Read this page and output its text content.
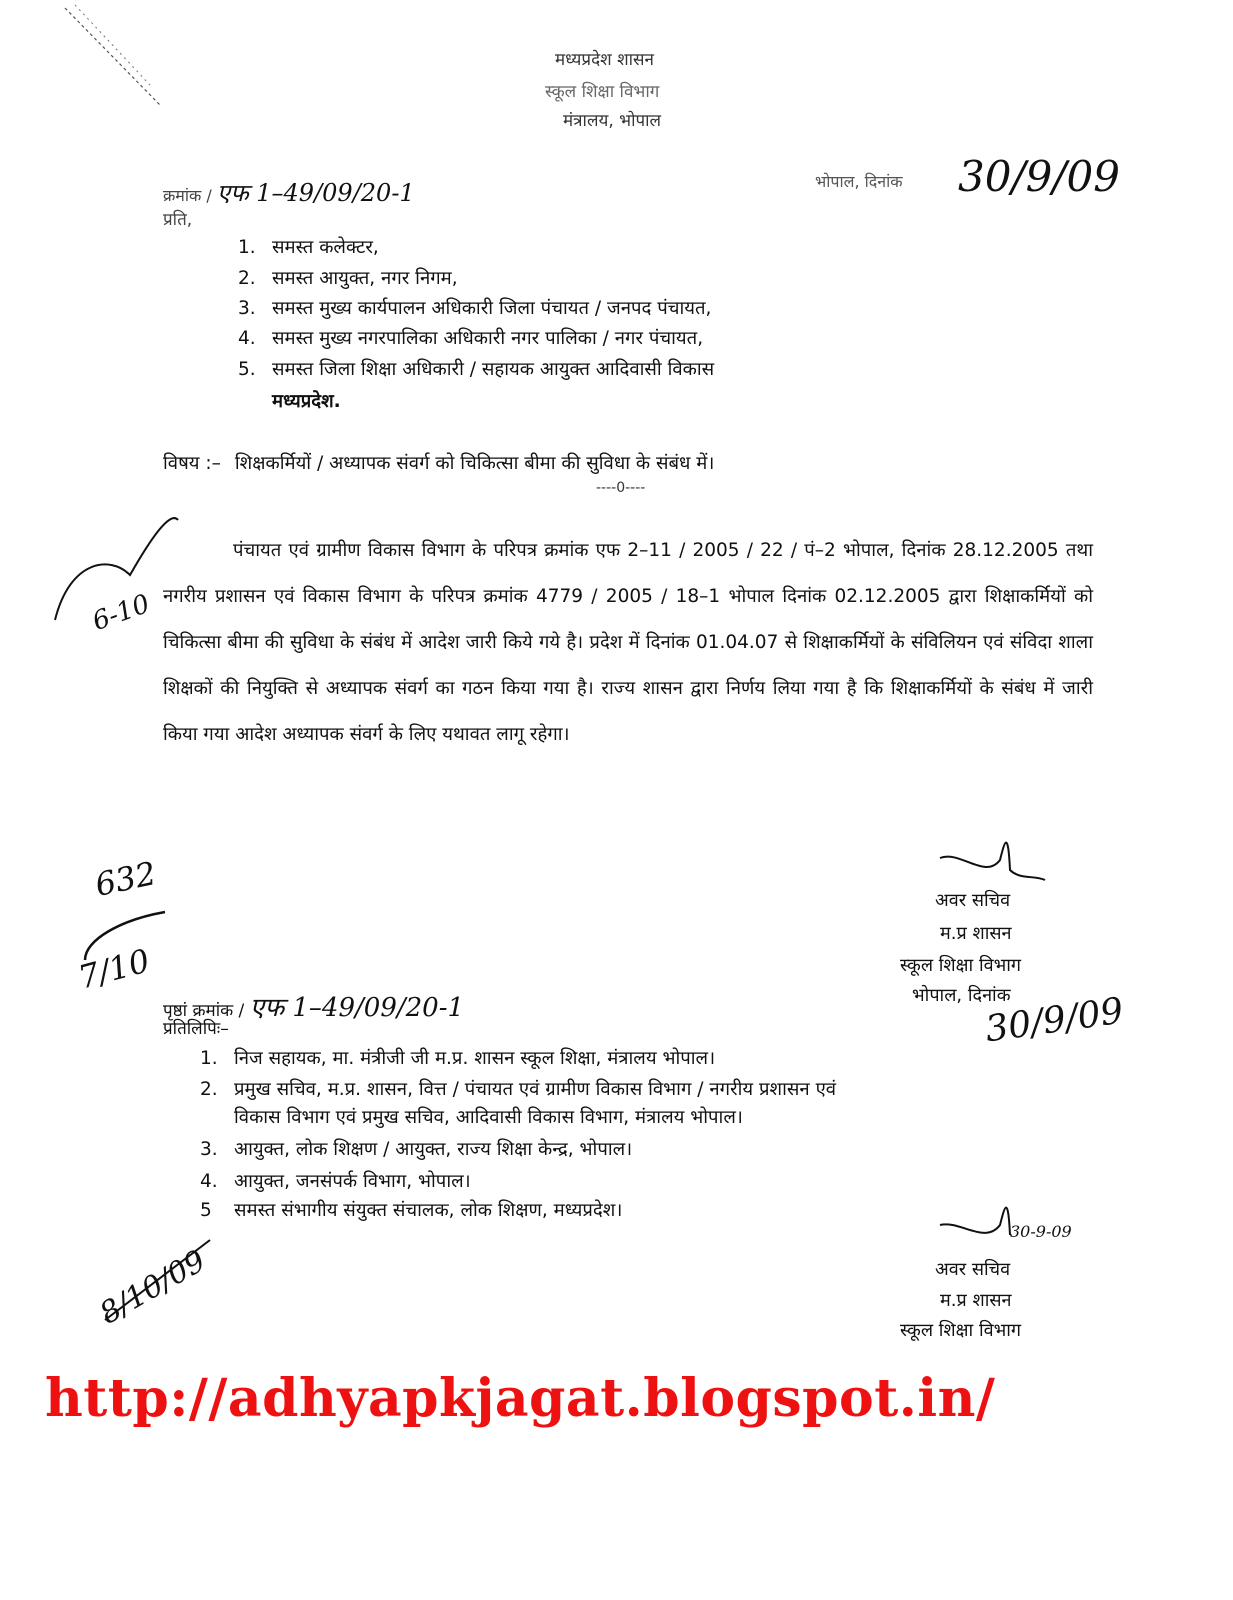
मध्यप्रदेश शासन
स्कूल शिक्षा विभाग
मंत्रालय, भोपाल
क्रमांक / एफ 1–49/09/20-1	भोपाल, दिनांक 30/9/09
प्रति,
1. समस्त कलेक्टर,
2. समस्त आयुक्त, नगर निगम,
3. समस्त मुख्य कार्यपालन अधिकारी जिला पंचायत / जनपद पंचायत,
4. समस्त मुख्य नगरपालिका अधिकारी नगर पालिका / नगर पंचायत,
5. समस्त जिला शिक्षा अधिकारी / सहायक आयुक्त आदिवासी विकास
मध्यप्रदेश.
विषय :– शिक्षकर्मियों / अध्यापक संवर्ग को चिकित्सा बीमा की सुविधा के संबंध में।
----0----
पंचायत एवं ग्रामीण विकास विभाग के परिपत्र क्रमांक एफ 2–11 / 2005 / 22 / पं–2 भोपाल, दिनांक 28.12.2005 तथा नगरीय प्रशासन एवं विकास विभाग के परिपत्र क्रमांक 4779 / 2005 / 18–1 भोपाल दिनांक 02.12.2005 द्वारा शिक्षाकर्मियों को चिकित्सा बीमा की सुविधा के संबंध में आदेश जारी किये गये है। प्रदेश में दिनांक 01.04.07 से शिक्षाकर्मियों के संविलियन एवं संविदा शाला शिक्षकों की नियुक्ति से अध्यापक संवर्ग का गठन किया गया है। राज्य शासन द्वारा निर्णय लिया गया है कि शिक्षाकर्मियों के संबंध में जारी किया गया आदेश अध्यापक संवर्ग के लिए यथावत लागू रहेगा।
6-10
अवर सचिव
म.प्र शासन
स्कूल शिक्षा विभाग
भोपाल, दिनांक
30/9/09
632
7/10
पृष्ठां क्रमांक / एफ 1–49/09/20-1
प्रतिलिपिः–
1. निज सहायक, मा. मंत्रीजी जी म.प्र. शासन स्कूल शिक्षा, मंत्रालय भोपाल।
2. प्रमुख सचिव, म.प्र. शासन, वित्त / पंचायत एवं ग्रामीण विकास विभाग / नगरीय प्रशासन एवं
विकास विभाग एवं प्रमुख सचिव, आदिवासी विकास विभाग, मंत्रालय भोपाल।
3. आयुक्त, लोक शिक्षण / आयुक्त, राज्य शिक्षा केन्द्र, भोपाल।
4. आयुक्त, जनसंपर्क विभाग, भोपाल।
5 समस्त संभागीय संयुक्त संचालक, लोक शिक्षण, मध्यप्रदेश।
30-9-09
अवर सचिव
म.प्र शासन
स्कूल शिक्षा विभाग
8/10/09
http://adhyapkjagat.blogspot.in/
